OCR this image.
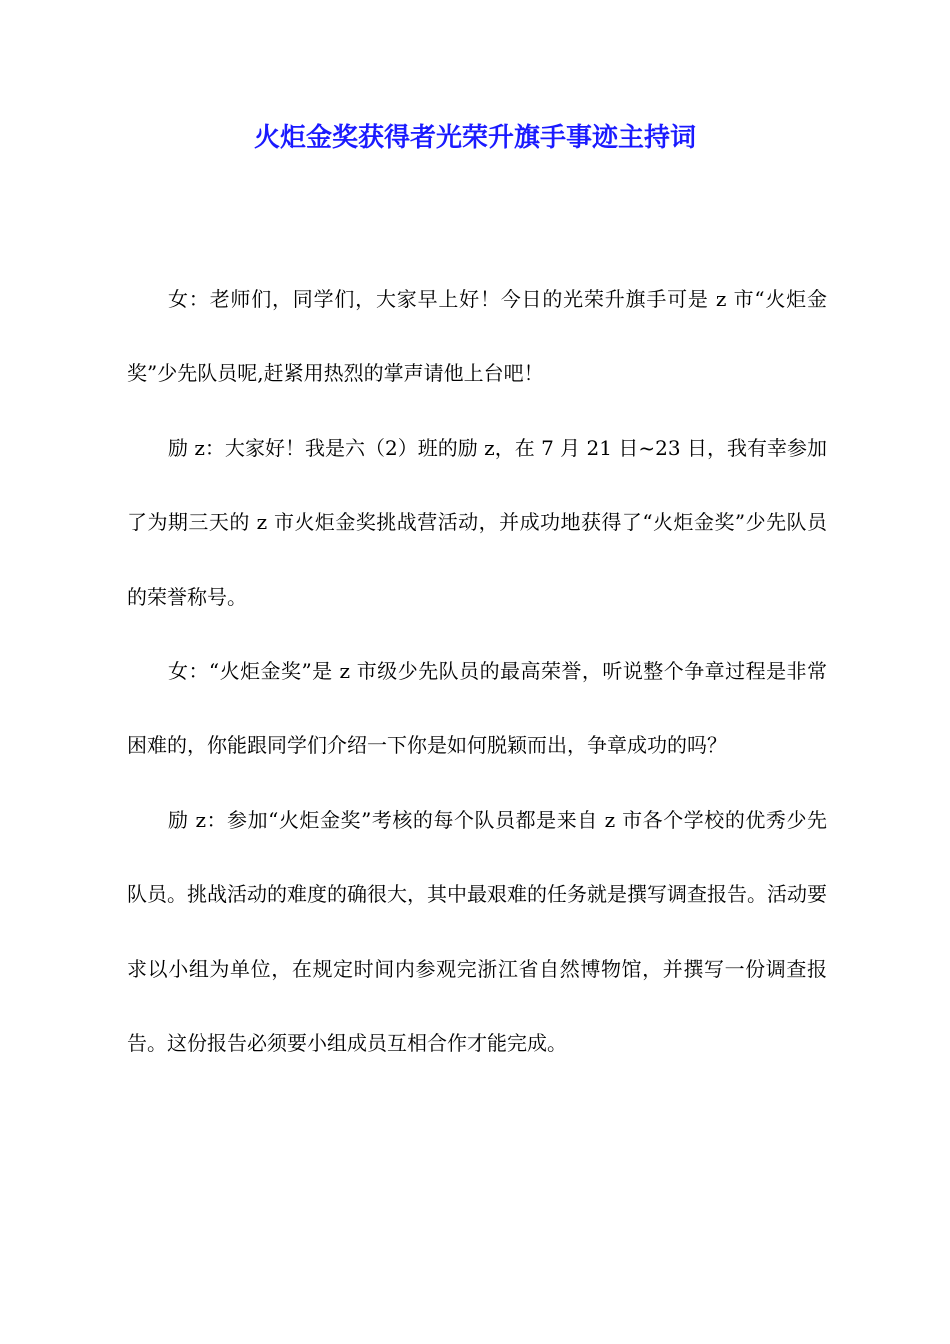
火炬金奖获得者光荣升旗手事迹主持词

女：老师们，同学们，大家早上好！今日的光荣升旗手可是 z 市“火炬金奖”少先队员呢,赶紧用热烈的掌声请他上台吧！

励 z：大家好！我是六（2）班的励 z，在 7 月 21 日~23 日，我有幸参加了为期三天的 z 市火炬金奖挑战营活动，并成功地获得了“火炬金奖”少先队员的荣誉称号。

女：“火炬金奖”是 z 市级少先队员的最高荣誉，听说整个争章过程是非常困难的，你能跟同学们介绍一下你是如何脱颖而出，争章成功的吗？

励 z：参加“火炬金奖”考核的每个队员都是来自 z 市各个学校的优秀少先队员。挑战活动的难度的确很大，其中最艰难的任务就是撰写调查报告。活动要求以小组为单位，在规定时间内参观完浙江省自然博物馆，并撰写一份调查报告。这份报告必须要小组成员互相合作才能完成。
